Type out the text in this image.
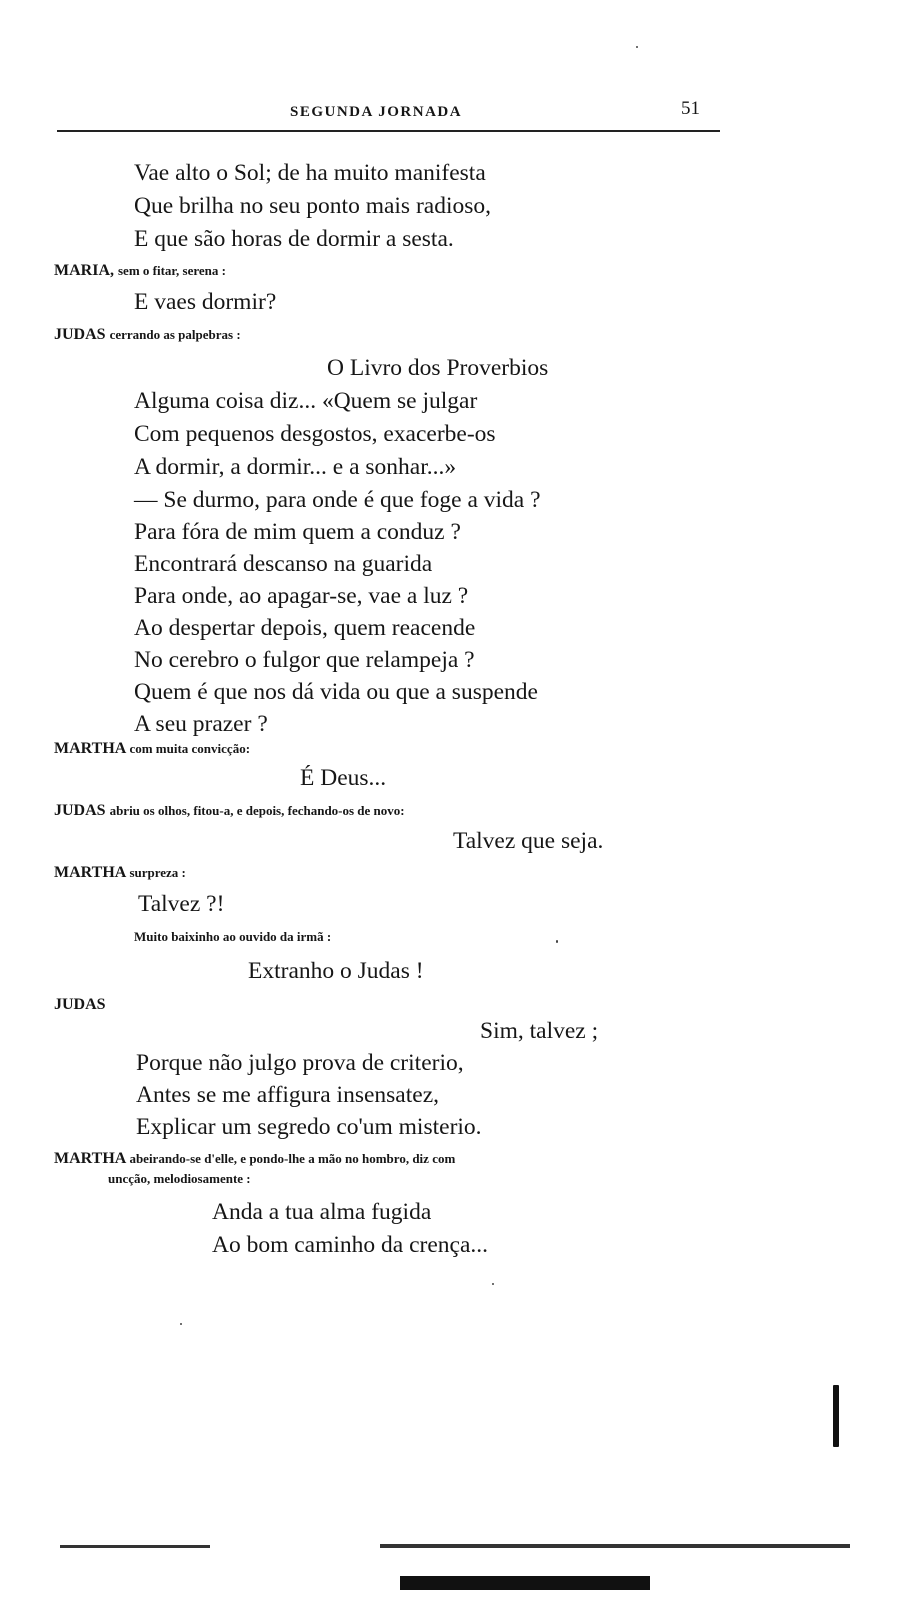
SEGUNDA JORNADA	51
Vae alto o Sol; de ha muito manifesta
Que brilha no seu ponto mais radioso,
E que são horas de dormir a sesta.
MARIA, sem o fitar, serena :
E vaes dormir?
JUDAS cerrando as palpebras :
O Livro dos Proverbios
Alguma coisa diz... «Quem se julgar
Com pequenos desgostos, exacerbe-os
A dormir, a dormir... e a sonhar...»
— Se durmo, para onde é que foge a vida ?
Para fóra de mim quem a conduz ?
Encontrará descanso na guarida
Para onde, ao apagar-se, vae a luz ?
Ao despertar depois, quem reacende
No cerebro o fulgor que relampeja ?
Quem é que nos dá vida ou que a suspende
A seu prazer ?
MARTHA com muita convicção:
É Deus...
JUDAS abriu os olhos, fitou-a, e depois, fechando-os de novo:
Talvez que seja.
MARTHA surpreza :
Talvez ?!
Muito baixinho ao ouvido da irmã :
Extranho o Judas !
JUDAS
Sim, talvez ;
Porque não julgo prova de criterio,
Antes se me affigura insensatez,
Explicar um segredo co'um misterio.
MARTHA abeirando-se d'elle, e pondo-lhe a mão no hombro, diz com
uncção, melodiosamente :
Anda a tua alma fugida
Ao bom caminho da crença...
